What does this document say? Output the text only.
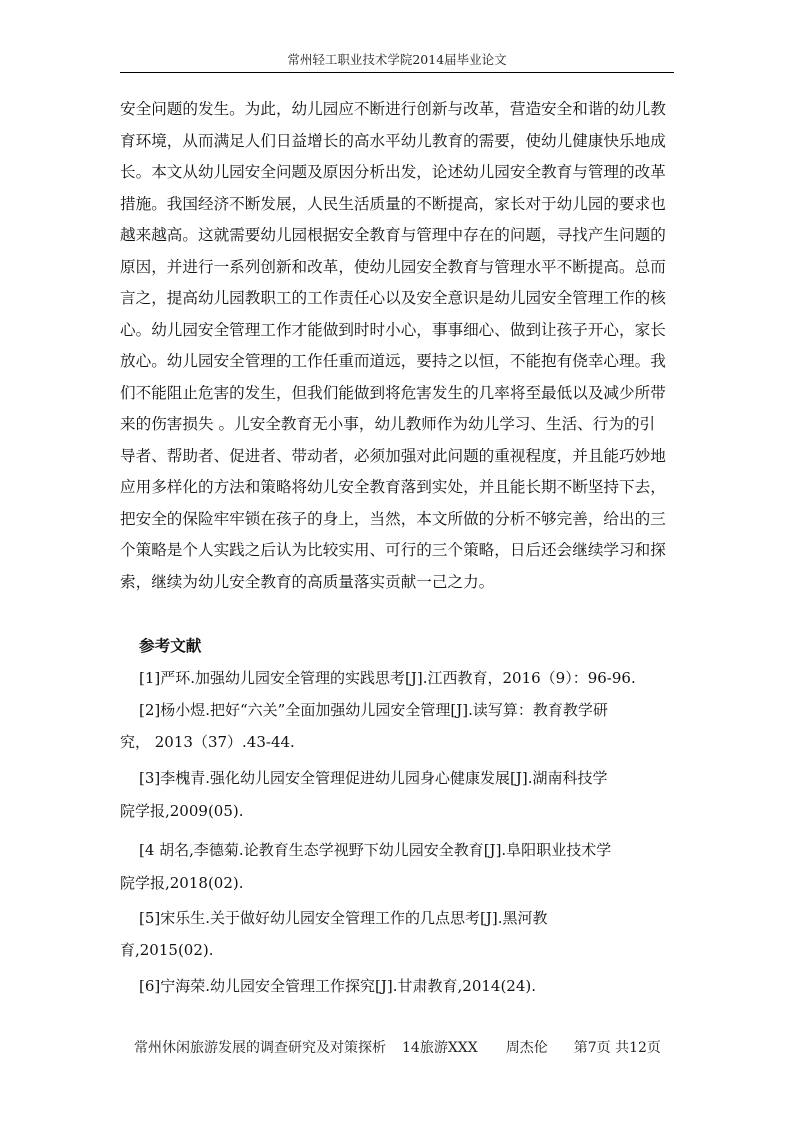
常州轻工职业技术学院2014届毕业论文
安全问题的发生。为此，幼儿园应不断进行创新与改革，营造安全和谐的幼儿教
育环境，从而满足人们日益增长的高水平幼儿教育的需要，使幼儿健康快乐地成
长。本文从幼儿园安全问题及原因分析出发，论述幼儿园安全教育与管理的改革
措施。我国经济不断发展，人民生活质量的不断提高，家长对于幼儿园的要求也
越来越高。这就需要幼儿园根据安全教育与管理中存在的问题，寻找产生问题的
原因，并进行一系列创新和改革，使幼儿园安全教育与管理水平不断提高。总而
言之，提高幼儿园教职工的工作责任心以及安全意识是幼儿园安全管理工作的核
心。幼儿园安全管理工作才能做到时时小心，事事细心、做到让孩子开心，家长
放心。幼儿园安全管理的工作任重而道远，要持之以恒，不能抱有侥幸心理。我
们不能阻止危害的发生，但我们能做到将危害发生的几率将至最低以及减少所带
来的伤害损失 。儿安全教育无小事，幼儿教师作为幼儿学习、生活、行为的引
导者、帮助者、促进者、带动者，必须加强对此问题的重视程度，并且能巧妙地
应用多样化的方法和策略将幼儿安全教育落到实处，并且能长期不断坚持下去，
把安全的保险牢牢锁在孩子的身上，当然，本文所做的分析不够完善，给出的三
个策略是个人实践之后认为比较实用、可行的三个策略，日后还会继续学习和探
索，继续为幼儿安全教育的高质量落实贡献一己之力。
参考文献
[1]严环.加强幼儿园安全管理的实践思考[J].江西教育，2016（9）：96-96.
[2]杨小煜.把好“六关”全面加强幼儿园安全管理[J].读写算：教育教学研
究， 2013（37）.43-44.
[3]李槐青.强化幼儿园安全管理促进幼儿园身心健康发展[J].湖南科技学
院学报,2009(05).
[4 胡名,李德菊.论教育生态学视野下幼儿园安全教育[J].阜阳职业技术学
院学报,2018(02).
[5]宋乐生.关于做好幼儿园安全管理工作的几点思考[J].黑河教
育,2015(02).
[6]宁海荣.幼儿园安全管理工作探究[J].甘肃教育,2014(24).
常州休闲旅游发展的调查研究及对策探析 14旅游XXX 周杰伦 第7页 共12页
